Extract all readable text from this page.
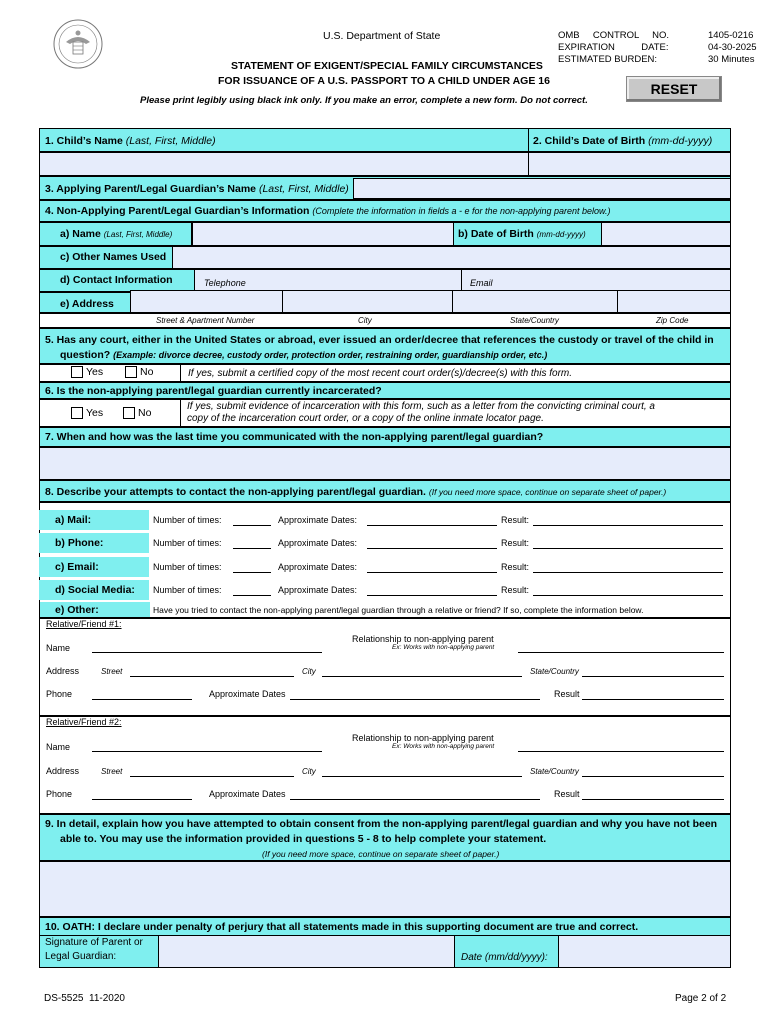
U.S. Department of State
STATEMENT OF EXIGENT/SPECIAL FAMILY CIRCUMSTANCES
FOR ISSUANCE OF A U.S. PASSPORT TO A CHILD UNDER AGE 16
Please print legibly using black ink only. If you make an error, complete a new form. Do not correct.
OMB     CONTROL     NO.	1405-0216
EXPIRATION          DATE:	04-30-2025
ESTIMATED BURDEN:	30 Minutes
RESET
1. Child’s Name (Last, First, Middle)	2. Child’s Date of Birth (mm-dd-yyyy)
3. Applying Parent/Legal Guardian’s Name (Last, First, Middle)
4. Non-Applying Parent/Legal Guardian’s Information (Complete the information in fields a - e for the non-applying parent below.)
a) Name (Last, First, Middle)	b) Date of Birth (mm-dd-yyyy)
c) Other Names Used
d) Contact Information	Telephone	Email
e) Address
Street & Apartment Number	City	State/Country	Zip Code
5. Has any court, either in the United States or abroad, ever issued an order/decree that references the custody or travel of the child in
question? (Example: divorce decree, custody order, protection order, restraining order, guardianship order, etc.)
Yes	No	If yes, submit a certified copy of the most recent court order(s)/decree(s) with this form.
6. Is the non-applying parent/legal guardian currently incarcerated?
Yes	No
If yes, submit evidence of incarceration with this form, such as a letter from the convicting criminal court, a
copy of the incarceration court order, or a copy of the online inmate locator page.
7. When and how was the last time you communicated with the non-applying parent/legal guardian?
8. Describe your attempts to contact the non-applying parent/legal guardian. (If you need more space, continue on separate sheet of paper.)
a) Mail:	Number of times:	Approximate Dates:	Result:
b) Phone:	Number of times:	Approximate Dates:	Result:
c) Email:	Number of times:	Approximate Dates:	Result:
d) Social Media: Number of times:	Approximate Dates:	Result:
e) Other:	Have you tried to contact the non-applying parent/legal guardian through a relative or friend? If so, complete the information below.
Relative/Friend #1:
Name
Relationship to non-applying parent
Ex: Works with non-applying parent
Address	Street	City	State/Country
Phone	Approximate Dates	Result
Relative/Friend #2:
Name
Relationship to non-applying parent
Ex: Works with non-applying parent
Address	Street	City	State/Country
Phone	Approximate Dates	Result
9. In detail, explain how you have attempted to obtain consent from the non-applying parent/legal guardian and why you have not been
able to. You may use the information provided in questions 5 - 8 to help complete your statement.
(If you need more space, continue on separate sheet of paper.)
10. OATH: I declare under penalty of perjury that all statements made in this supporting document are true and correct.
Signature of Parent or
Legal Guardian:	Date (mm/dd/yyyy):
DS-5525  11-2020	Page 2 of 2
